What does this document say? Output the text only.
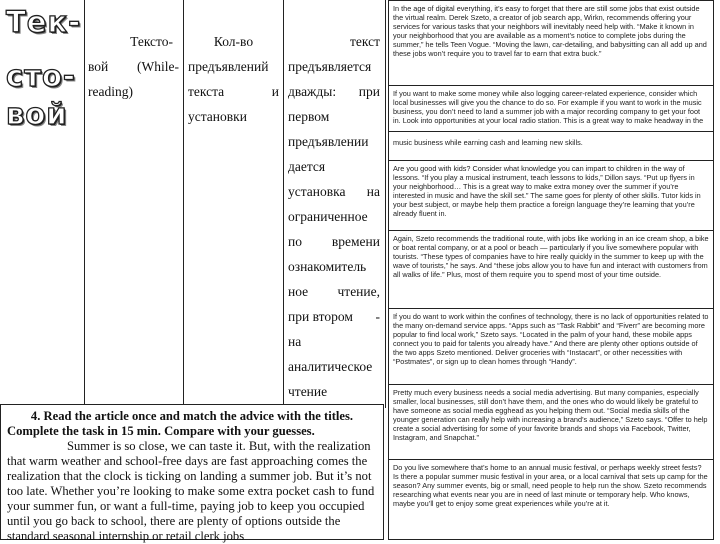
Тек-
сто-
вой
Тексто-
вой (While-
reading)
Кол-во
предъявлений
текста	и
установки
текст
предъявляется
дважды: при
первом
предъявлении
дается
установка на
ограниченное
по времени
ознакомитель
ное чтение,
при втором -
на
аналитическое
чтение
4. Read the article once and match the advice with the titles.
Complete the task in 15 min. Compare with your guesses.

Summer is so close, we can taste it. But, with the realization that warm weather and school-free days are fast approaching comes the realization that the clock is ticking on landing a summer job. But it’s not too late. Whether you’re looking to make some extra pocket cash to fund your summer fun, or want a full-time, paying job to keep you occupied until you go back to school, there are plenty of options outside the standard seasonal internship or retail clerk jobs

In the age of digital everything, it’s easy to forget that there are still some jobs that exist outside the virtual realm. Derek Szeto, a creator of job search app, Wirkn, recommends offering your services for various tasks that your neighbors will inevitably need help with. “Make it known in your neighborhood that you are available as a moment’s notice to complete jobs during the summer,” he tells Teen Vogue. “Moving the lawn, car-detailing, and babysitting can all add up and these jobs won’t require you to travel far to earn that extra buck.”

If you want to make some money while also logging career-related experience, consider which local businesses will give you the chance to do so. For example if you want to work in the music business, you don’t need to land a summer job with a major recording company to get your foot in. Look into opportunities at your local radio station. This is a great way to make headway in the

music business while earning cash and learning new skills.

Are you good with kids? Consider what knowledge you can impart to children in the way of lessons. “If you play a musical instrument, teach lessons to kids,” Dillon says. “Put up flyers in your neighborhood… This is a great way to make extra money over the summer if you’re interested in music and have the skill set.” The same goes for plenty of other skills. Tutor kids in your best subject, or maybe help them practice a foreign language they’re learning that you’re already fluent in.

Again, Szeto recommends the traditional route, with jobs like working in an ice cream shop, a bike or boat rental company, or at a pool or beach — particularly if you live somewhere popular with tourists. “These types of companies have to hire really quickly in the summer to keep up with the wave of tourists,” he says. And “these jobs allow you to have fun and interact with customers from all walks of life.” Plus, most of them require you to spend most of your time outside.

If you do want to work within the confines of technology, there is no lack of opportunities related to the many on-demand service apps. “Apps such as “Task Rabbit” and “Fiverr” are becoming more popular to find local work,” Szeto says. “Located in the palm of your hand, these mobile apps connect you to paid for talents you already have.” And there are plenty other options outside of the two apps Szeto mentioned. Deliver groceries with “Instacart”, or other necessities with “Postmates”, or sign up to clean homes through “Handy”.

Pretty much every business needs a social media advertising. But many companies, especially smaller, local businesses, still don’t have them, and the ones who do would likely be grateful to have someone as social media egghead as you helping them out. “Social media skills of the younger generation can really help with increasing a brand’s audience,” Szeto says. “Offer to help create a social advertising for some of your favorite brands and shops via Facebook, Twitter, Instagram, and Snapchat.”

Do you live somewhere that’s home to an annual music festival, or perhaps weekly street fests? Is there a popular summer music festival in your area, or a local carnival that sets up camp for the season? Any summer events, big or small, need people to help run the show. Szeto recommends researching what events near you are in need of last minute or temporary help. Who knows, maybe you’ll get to enjoy some great experiences while you’re at it.
